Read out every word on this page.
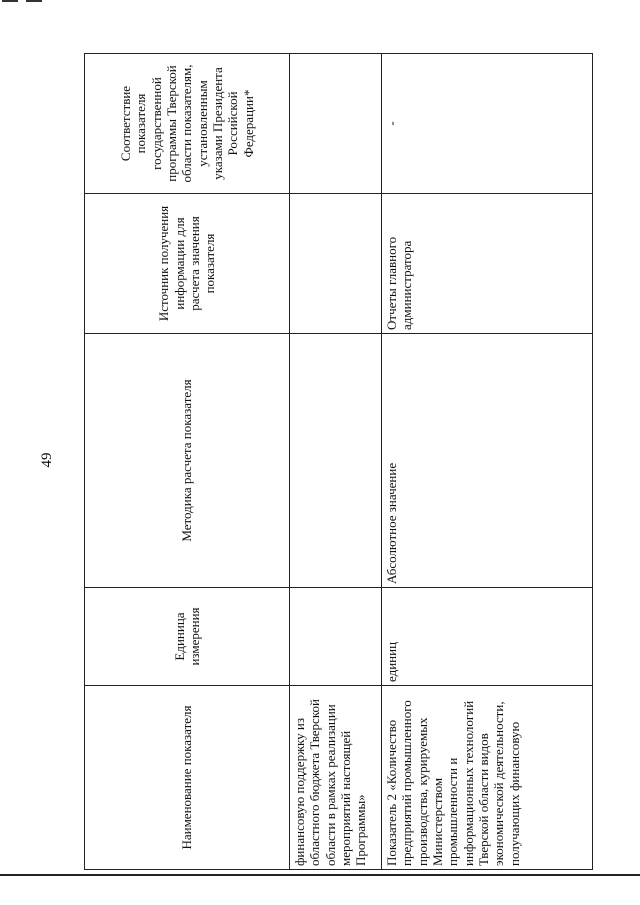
49
Наименование показателя	Единица измерения	Методика расчета показателя	Источник получения информации для расчета значения показателя	Соответствие показателя государственной программы Тверской области показателям, установленным указами Президента Российской Федерации*
финансовую поддержку из областного бюджета Тверской области в рамках реализации мероприятий настоящей Программы»				
Показатель 2 «Количество предприятий промышленного производства, курируемых Министерством промышленности и информационных технологий Тверской области видов экономической деятельности, получающих финансовую	единиц	Абсолютное значение	Отчеты главного администратора	-
